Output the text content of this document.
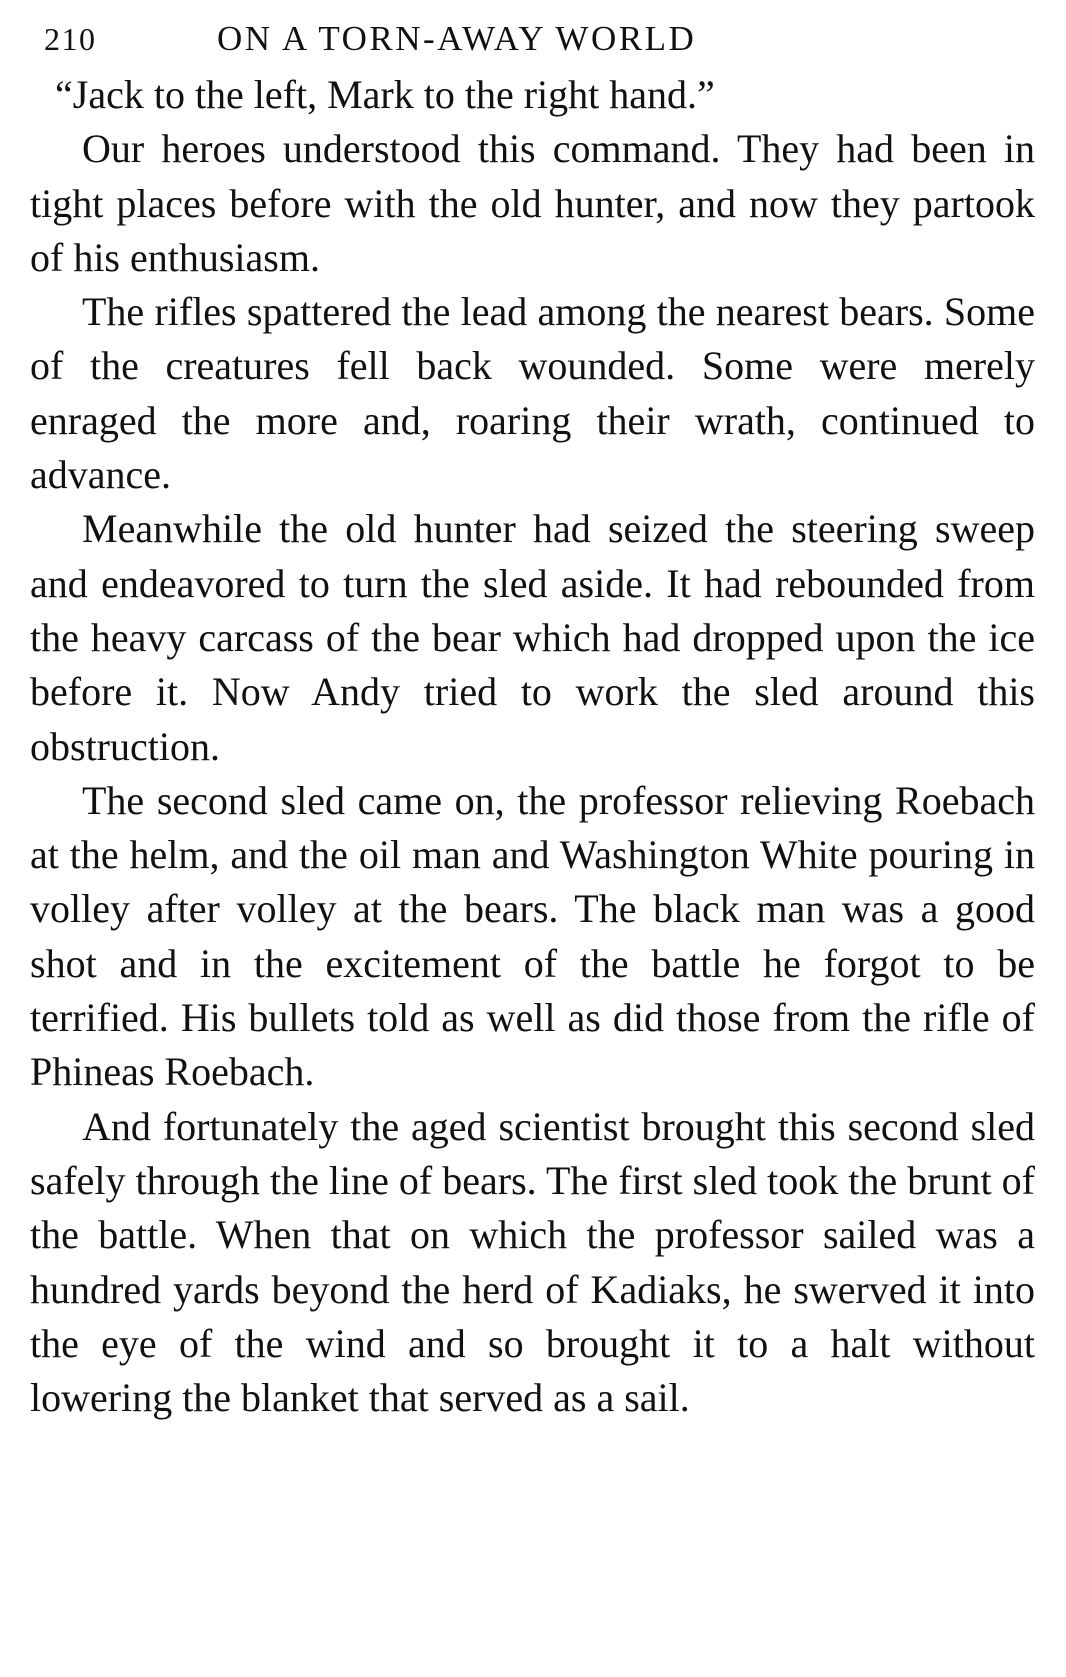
210	ON A TORN-AWAY WORLD

“Jack to the left, Mark to the right hand.”

Our heroes understood this command. They had been in tight places before with the old hunter, and now they partook of his enthusiasm.

The rifles spattered the lead among the nearest bears. Some of the creatures fell back wounded. Some were merely enraged the more and, roaring their wrath, continued to advance.

Meanwhile the old hunter had seized the steering sweep and endeavored to turn the sled aside. It had rebounded from the heavy carcass of the bear which had dropped upon the ice before it. Now Andy tried to work the sled around this obstruction.

The second sled came on, the professor relieving Roebach at the helm, and the oil man and Washington White pouring in volley after volley at the bears. The black man was a good shot and in the excitement of the battle he forgot to be terrified. His bullets told as well as did those from the rifle of Phineas Roebach.

And fortunately the aged scientist brought this second sled safely through the line of bears. The first sled took the brunt of the battle. When that on which the professor sailed was a hundred yards beyond the herd of Kadiaks, he swerved it into the eye of the wind and so brought it to a halt without lowering the blanket that served as a sail.
